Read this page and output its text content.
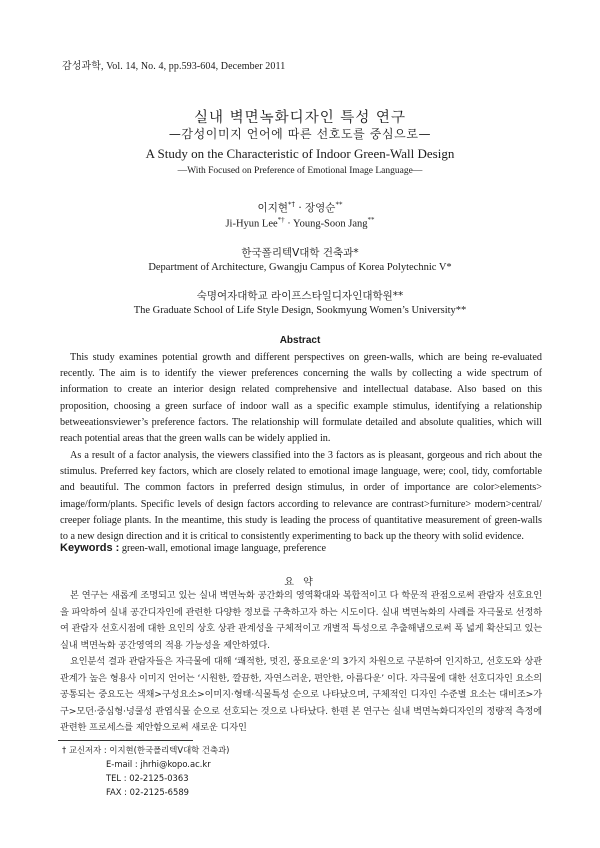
감성과학, Vol. 14, No. 4, pp.593-604, December 2011
실내 벽면녹화디자인 특성 연구
—감성이미지 언어에 따른 선호도를 중심으로—
A Study on the Characteristic of Indoor Green-Wall Design
—With Focused on Preference of Emotional Image Language—
이지현*† · 장영순**
Ji-Hyun Lee*† · Young-Soon Jang**
한국폴리텍V대학 건축과*
Department of Architecture, Gwangju Campus of Korea Polytechnic V*
숙명여자대학교 라이프스타일디자인대학원**
The Graduate School of Life Style Design, Sookmyung Women’s University**
Abstract

This study examines potential growth and different perspectives on green-walls, which are being re-evaluated recently. The aim is to identify the viewer preferences concerning the walls by collecting a wide spectrum of information to create an interior design related comprehensive and intellectual database. Also based on this proposition, choosing a green surface of indoor wall as a specific example stimulus, identifying a relationship betweeationsviewer’s preference factors. The relationship will formulate detailed and absolute qualities, which will reach potential areas that the green walls can be widely applied in.

As a result of a factor analysis, the viewers classified into the 3 factors as is pleasant, gorgeous and rich about the stimulus. Preferred key factors, which are closely related to emotional image language, were; cool, tidy, comfortable and beautiful. The common factors in preferred design stimulus, in order of importance are color>elements> image/form/plants. Specific levels of design factors according to relevance are contrast>furniture> modern>central/ creeper foliage plants. In the meantime, this study is leading the process of quantitative measurement of green-walls to a new design direction and it is critical to consistently experimenting to back up the theory with solid evidence.

Keywords : green-wall, emotional image language, preference
요 약

본 연구는 새롭게 조명되고 있는 실내 벽면녹화 공간화의 영역확대와 복합적이고 다 학문적 관점으로써 관람자 선호요인을 파악하여 실내 공간디자인에 관련한 다양한 정보를 구축하고자 하는 시도이다. 실내 벽면녹화의 사례를 자극물로 선정하여 관람자 선호시점에 대한 요인의 상호 상관 관계성을 구체적이고 개별적 특성으로 추출해냄으로써 폭 넓게 확산되고 있는 실내 벽면녹화 공간영역의 적용 가능성을 제안하였다.

요인분석 결과 관람자들은 자극물에 대해 ‘쾌적한, 멋진, 풍요로운’의 3가지 차원으로 구분하여 인지하고, 선호도와 상관관계가 높은 형용사 이미지 언어는 ‘시원한, 깔끔한, 자연스러운, 편안한, 아름다운’ 이다. 자극물에 대한 선호디자인 요소의 공통되는 중요도는 색채>구성요소>이미지·형태·식물특성 순으로 나타났으며, 구체적인 디자인 수준별 요소는 대비조>가구>모던·중심형·넝쿨성 관엽식물 순으로 선호되는 것으로 나타났다. 한편 본 연구는 실내 벽면녹화디자인의 정량적 측정에 관련한 프로세스를 제안함으로써 새로운 디자인

† 교신저자 : 이지현(한국폴리텍V대학 건축과)
E-mail : jhrhi@kopo.ac.kr
TEL : 02-2125-0363
FAX : 02-2125-6589
